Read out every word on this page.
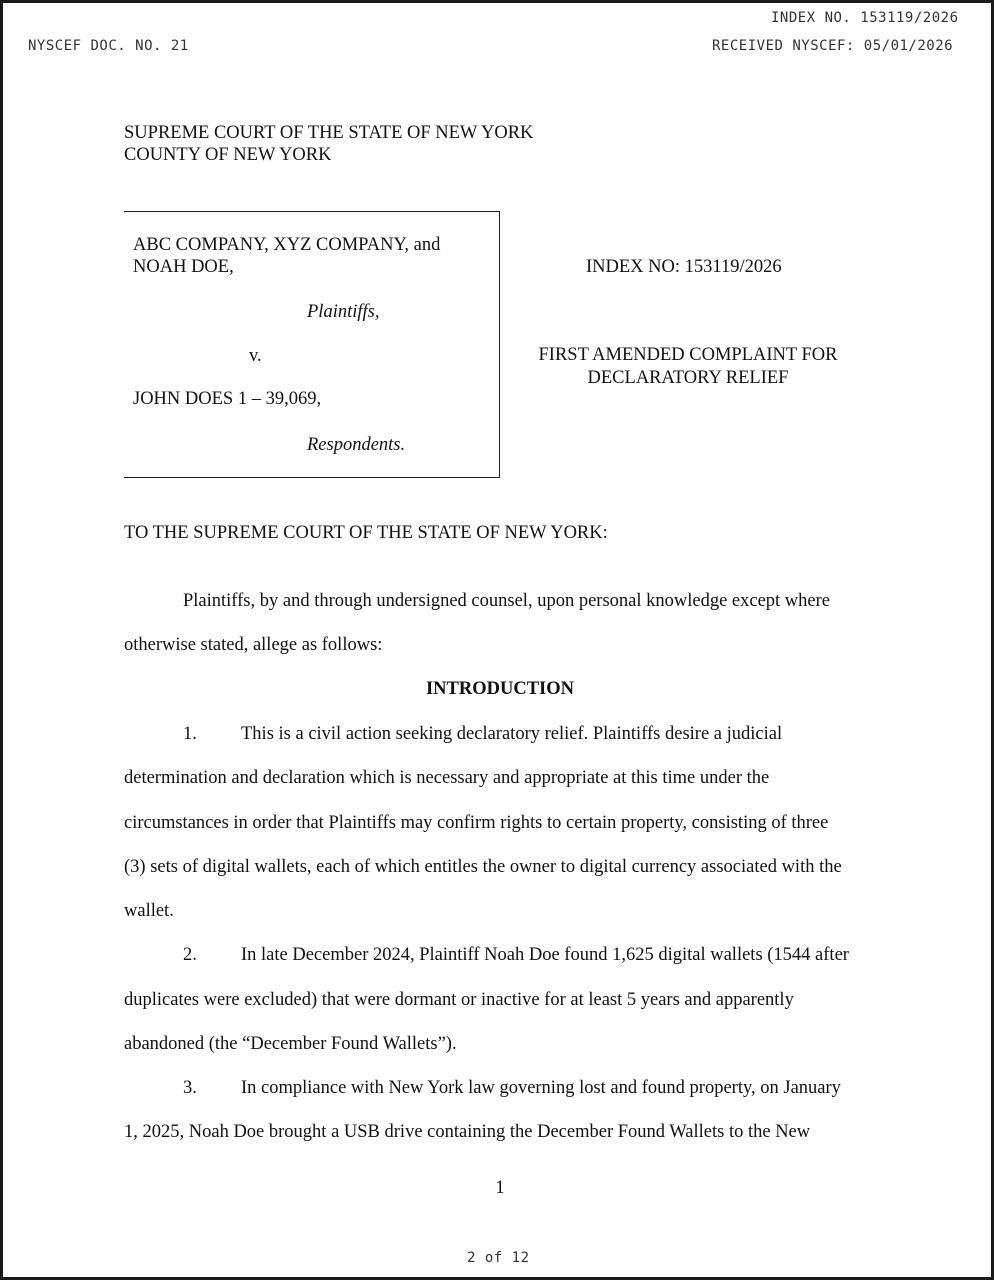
INDEX NO. 153119/2026
NYSCEF DOC. NO. 21	RECEIVED NYSCEF: 05/01/2026
SUPREME COURT OF THE STATE OF NEW YORK
COUNTY OF NEW YORK
ABC COMPANY, XYZ COMPANY, and
NOAH DOE,
Plaintiffs,
v.
JOHN DOES 1 – 39,069,
Respondents.
INDEX NO: 153119/2026
FIRST AMENDED COMPLAINT FOR
DECLARATORY RELIEF
TO THE SUPREME COURT OF THE STATE OF NEW YORK:
Plaintiffs, by and through undersigned counsel, upon personal knowledge except where
otherwise stated, allege as follows:
INTRODUCTION
1. This is a civil action seeking declaratory relief. Plaintiffs desire a judicial
determination and declaration which is necessary and appropriate at this time under the
circumstances in order that Plaintiffs may confirm rights to certain property, consisting of three
(3) sets of digital wallets, each of which entitles the owner to digital currency associated with the
wallet.
2. In late December 2024, Plaintiff Noah Doe found 1,625 digital wallets (1544 after
duplicates were excluded) that were dormant or inactive for at least 5 years and apparently
abandoned (the “December Found Wallets”).
3. In compliance with New York law governing lost and found property, on January
1, 2025, Noah Doe brought a USB drive containing the December Found Wallets to the New
1
2 of 12
